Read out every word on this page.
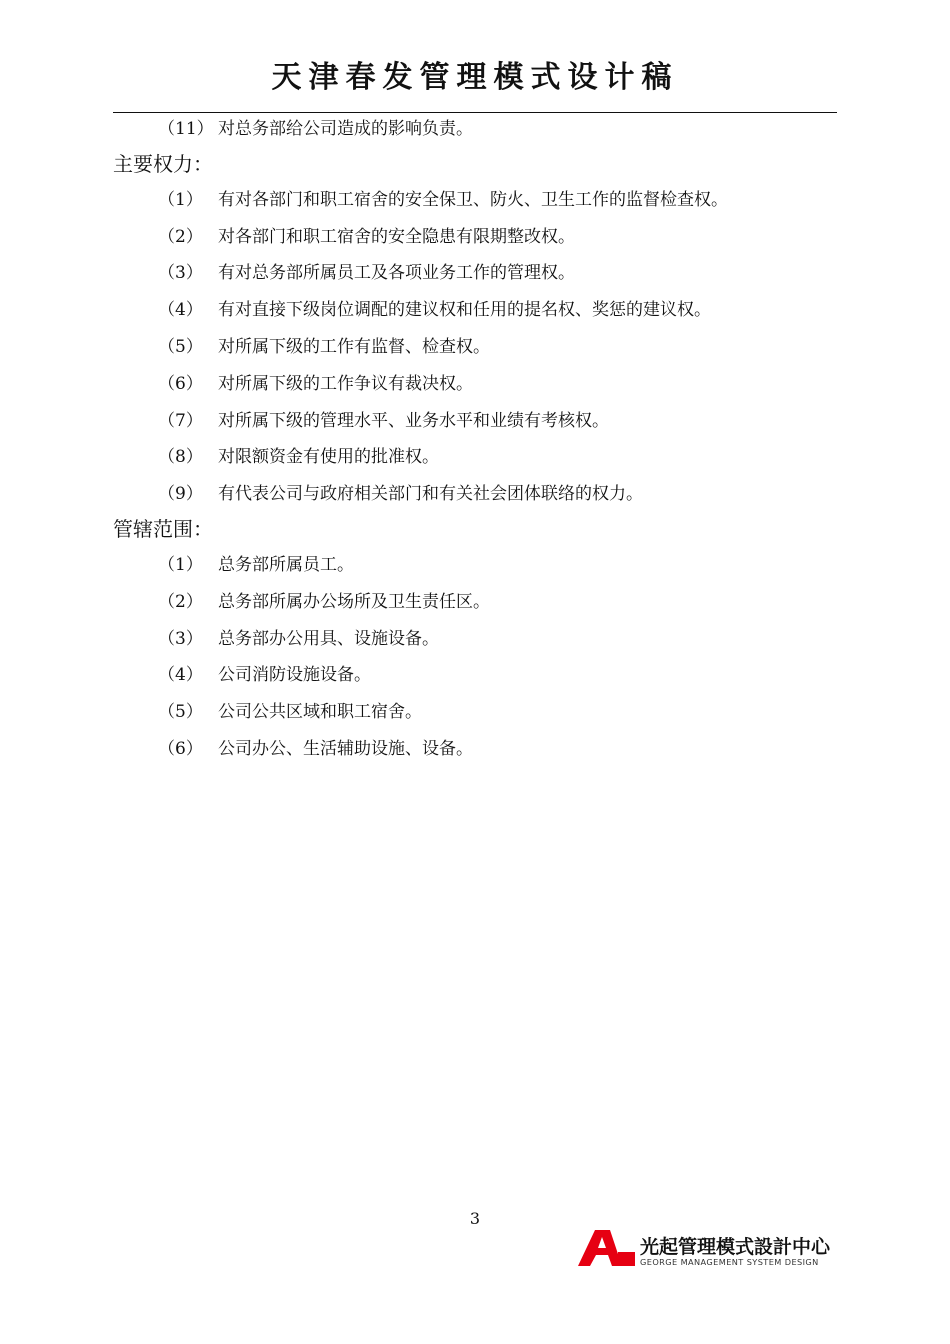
天津春发管理模式设计稿
（11） 对总务部给公司造成的影响负责。
主要权力：
（1） 有对各部门和职工宿舍的安全保卫、防火、卫生工作的监督检查权。
（2） 对各部门和职工宿舍的安全隐患有限期整改权。
（3） 有对总务部所属员工及各项业务工作的管理权。
（4） 有对直接下级岗位调配的建议权和任用的提名权、奖惩的建议权。
（5） 对所属下级的工作有监督、检查权。
（6） 对所属下级的工作争议有裁决权。
（7） 对所属下级的管理水平、业务水平和业绩有考核权。
（8） 对限额资金有使用的批准权。
（9） 有代表公司与政府相关部门和有关社会团体联络的权力。
管辖范围：
（1） 总务部所属员工。
（2） 总务部所属办公场所及卫生责任区。
（3） 总务部办公用具、设施设备。
（4） 公司消防设施设备。
（5） 公司公共区域和职工宿舍。
（6） 公司办公、生活辅助设施、设备。
3
光起管理模式設計中心
GEORGE MANAGEMENT SYSTEM DESIGN
